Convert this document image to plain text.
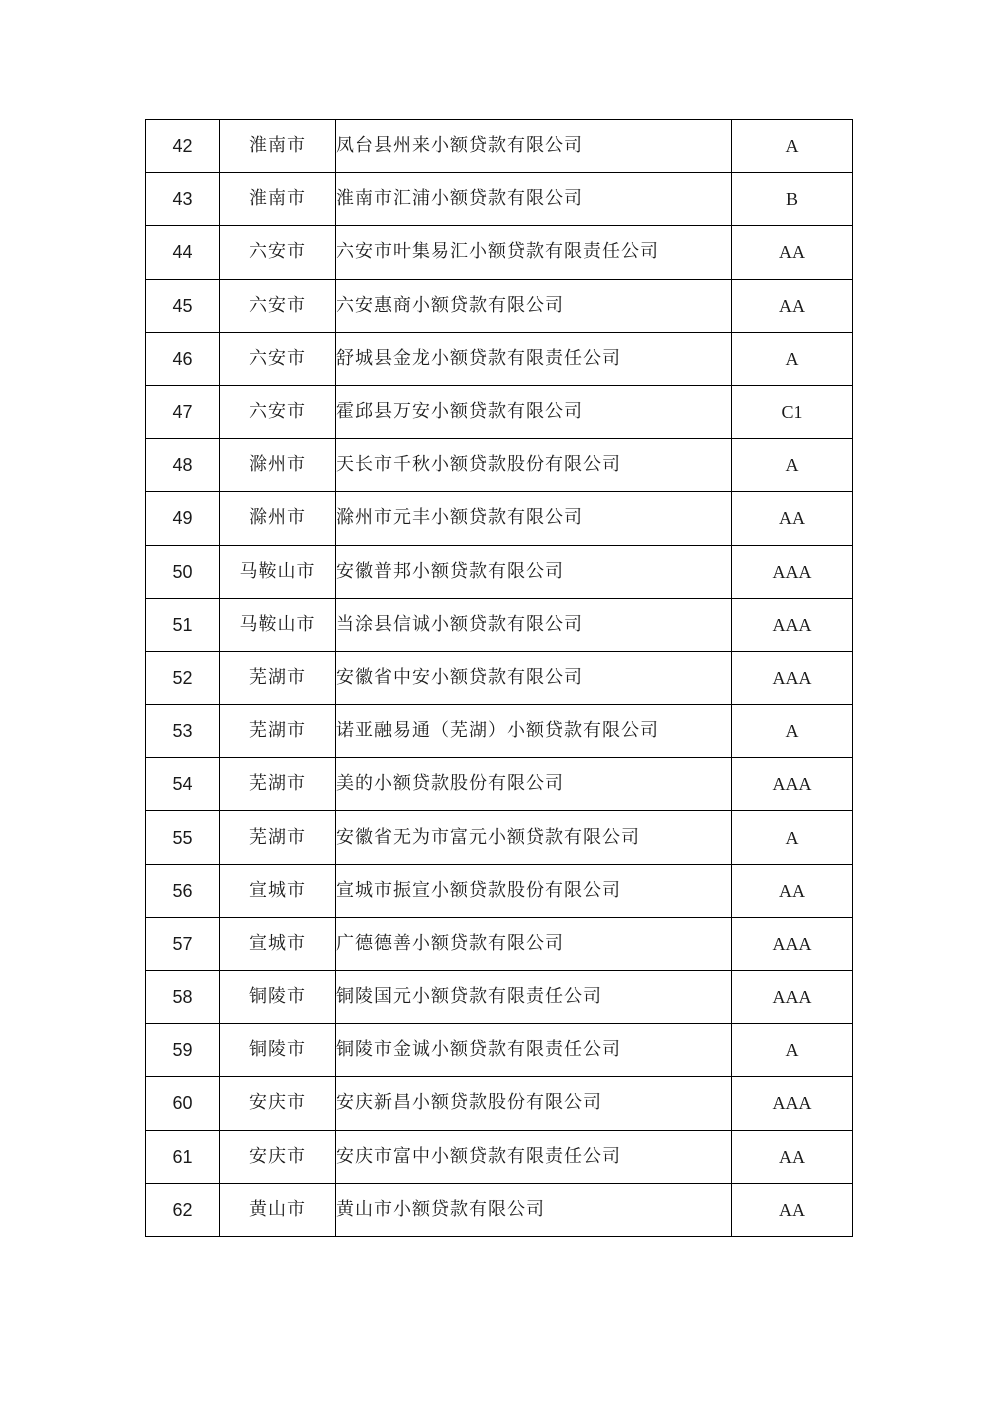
42	淮南市	凤台县州来小额贷款有限公司	A
43	淮南市	淮南市汇浦小额贷款有限公司	B
44	六安市	六安市叶集易汇小额贷款有限责任公司	AA
45	六安市	六安惠商小额贷款有限公司	AA
46	六安市	舒城县金龙小额贷款有限责任公司	A
47	六安市	霍邱县万安小额贷款有限公司	C1
48	滁州市	天长市千秋小额贷款股份有限公司	A
49	滁州市	滁州市元丰小额贷款有限公司	AA
50	马鞍山市	安徽普邦小额贷款有限公司	AAA
51	马鞍山市	当涂县信诚小额贷款有限公司	AAA
52	芜湖市	安徽省中安小额贷款有限公司	AAA
53	芜湖市	诺亚融易通（芜湖）小额贷款有限公司	A
54	芜湖市	美的小额贷款股份有限公司	AAA
55	芜湖市	安徽省无为市富元小额贷款有限公司	A
56	宣城市	宣城市振宣小额贷款股份有限公司	AA
57	宣城市	广德德善小额贷款有限公司	AAA
58	铜陵市	铜陵国元小额贷款有限责任公司	AAA
59	铜陵市	铜陵市金诚小额贷款有限责任公司	A
60	安庆市	安庆新昌小额贷款股份有限公司	AAA
61	安庆市	安庆市富中小额贷款有限责任公司	AA
62	黄山市	黄山市小额贷款有限公司	AA
